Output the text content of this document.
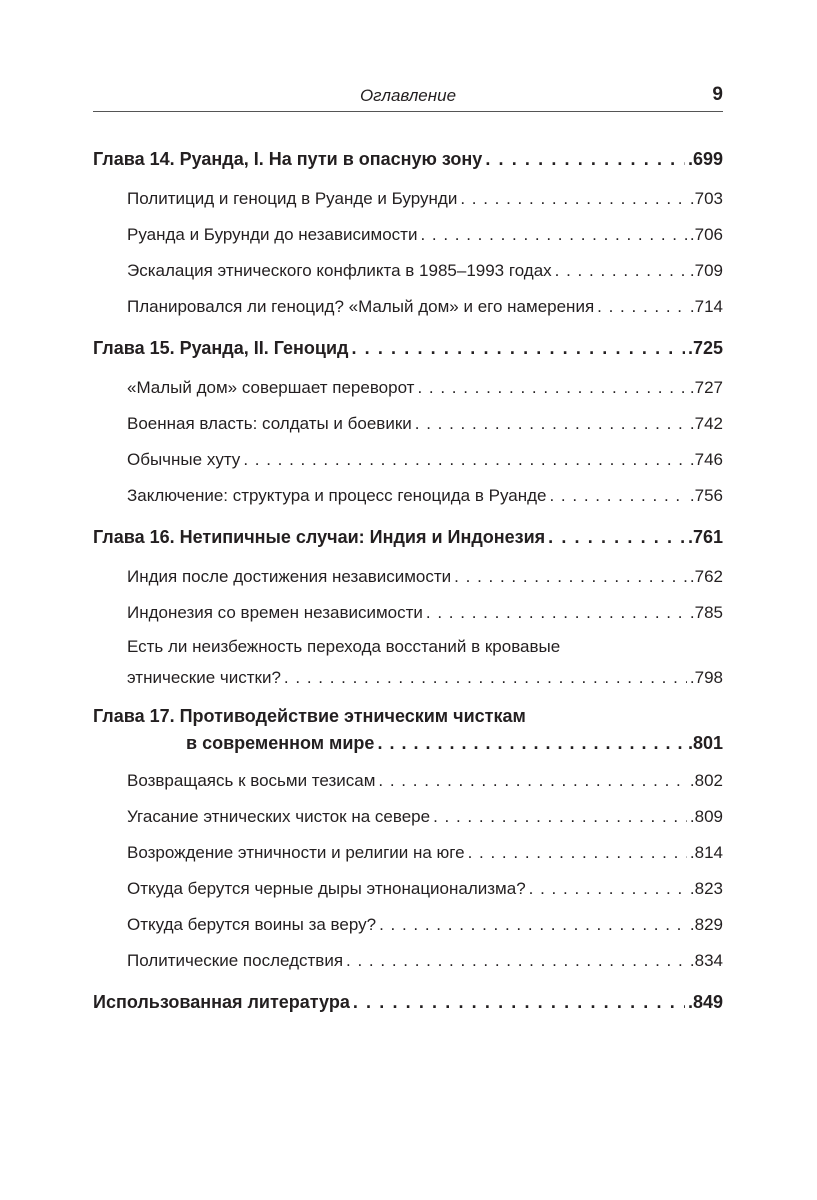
Оглавление	9
Глава 14. Руанда, I. На пути в опасную зону . . .	.699
Политицид и геноцид в Руанде и Бурунди . . .	.703
Руанда и Бурунди до независимости . . .	.706
Эскалация этнического конфликта в 1985–1993 годах . . .	.709
Планировался ли геноцид? «Малый дом» и его намерения . . .	.714
Глава 15. Руанда, II. Геноцид . . .	.725
«Малый дом» совершает переворот . . .	.727
Военная власть: солдаты и боевики . . .	.742
Обычные хуту . . .	.746
Заключение: структура и процесс геноцида в Руанде . . .	.756
Глава 16. Нетипичные случаи: Индия и Индонезия . . .	.761
Индия после достижения независимости . . .	.762
Индонезия со времен независимости . . .	.785
Есть ли неизбежность перехода восстаний в кровавые
этнические чистки? . . .	.798
Глава 17. Противодействие этническим чисткам
в современном мире . . .	.801
Возвращаясь к восьми тезисам . . .	.802
Угасание этнических чисток на севере . . .	.809
Возрождение этничности и религии на юге . . .	.814
Откуда берутся черные дыры этнонационализма? . . .	.823
Откуда берутся воины за веру? . . .	.829
Политические последствия . . .	.834
Использованная литература . . .	.849
